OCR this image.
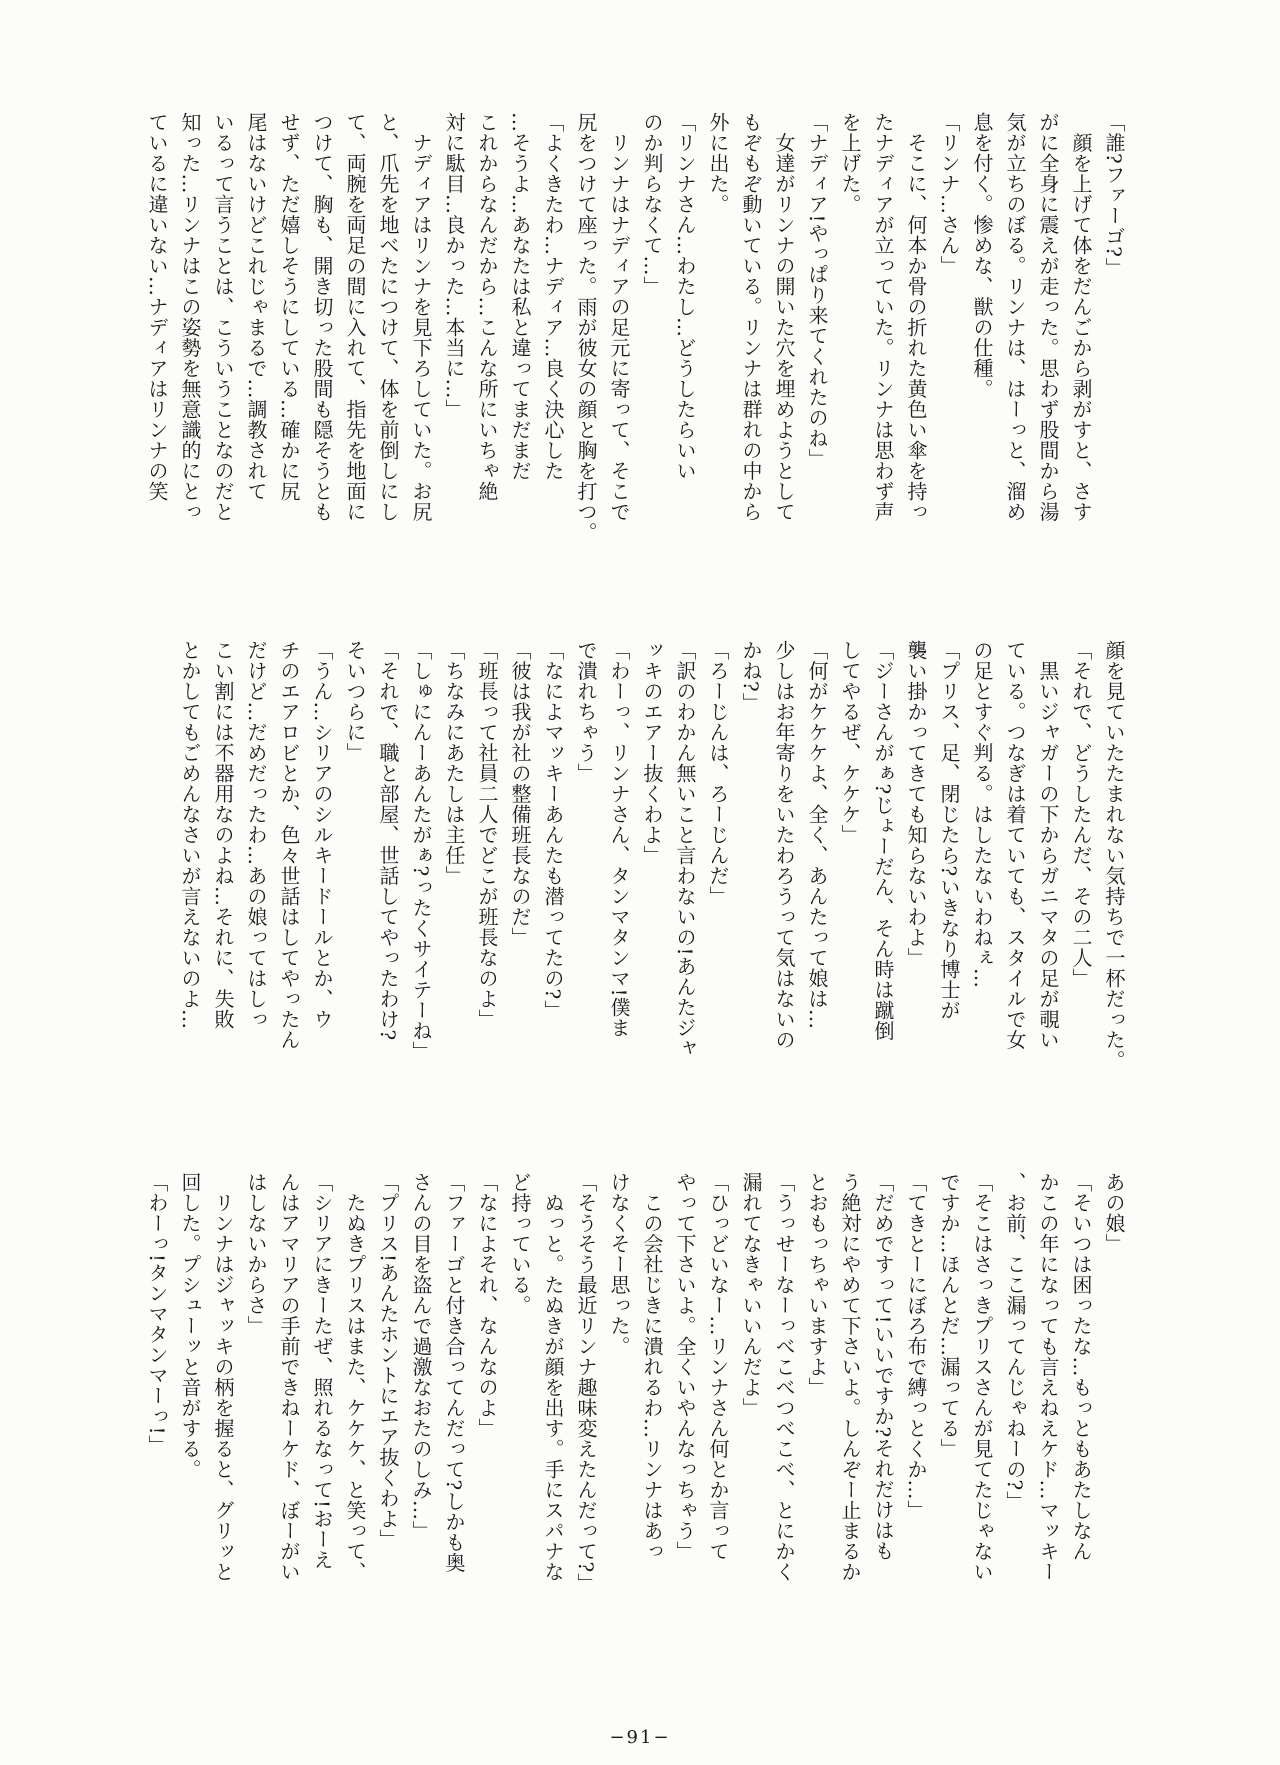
「誰?ファーゴ?」
　顔を上げて体をだんごから剥がすと、さす
がに全身に震えが走った。思わず股間から湯
気が立ちのぼる。リンナは、はーっと、溜め
息を付く。惨めな、獣の仕種。
「リンナ…さん」
　そこに、何本か骨の折れた黄色い傘を持っ
たナディアが立っていた。リンナは思わず声
を上げた。
「ナディア!やっぱり来てくれたのね」
　女達がリンナの開いた穴を埋めようとして
もぞもぞ動いている。リンナは群れの中から
外に出た。
「リンナさん…わたし…どうしたらいい
のか判らなくて…」
　リンナはナディアの足元に寄って、そこで
尻をつけて座った。雨が彼女の顔と胸を打つ。
「よくきたわ…ナディア…良く決心した
…そうよ…あなたは私と違ってまだまだ
これからなんだから…こんな所にいちゃ絶
対に駄目…良かった…本当に…」
　ナディアはリンナを見下ろしていた。お尻
と、爪先を地べたにつけて、体を前倒しにし
て、両腕を両足の間に入れて、指先を地面に
つけて、胸も、開き切った股間も隠そうとも
せず、ただ嬉しそうにしている…確かに尻
尾はないけどこれじゃまるで…調教されて
いるって言うことは、こういうことなのだと
知った…リンナはこの姿勢を無意識的にとっ
ているに違いない…ナディアはリンナの笑
顔を見ていたたまれない気持ちで一杯だった。
「それで、どうしたんだ、その二人」
　黒いジャガーの下からガニマタの足が覗い
ている。つなぎは着ていても、スタイルで女
の足とすぐ判る。はしたないわねぇ…
「プリス、足、閉じたら?いきなり博士が
襲い掛かってきても知らないわよ」
「ジーさんがぁ?じょーだん、そん時は蹴倒
してやるぜ、ケケケ」
「何がケケケよ、全く、あんたって娘は…
少しはお年寄りをいたわろうって気はないの
かね?」
「ろーじんは、ろーじんだ」
「訳のわかん無いこと言わないの!あんたジャ
ッキのエアー抜くわよ」
「わーっ、リンナさん、タンマタンマ!僕ま
で潰れちゃう」
「なによマッキーあんたも潜ってたの?」
「彼は我が社の整備班長なのだ」
「班長って社員二人でどこが班長なのよ」
「ちなみにあたしは主任」
「しゅにんーあんたがぁ?ったくサイテーね」
「それで、職と部屋、世話してやったわけ?
そいつらに」
「うん…シリアのシルキードールとか、ウ
チのエアロビとか、色々世話はしてやったん
だけど…だめだったわ…あの娘ってはしっ
こい割には不器用なのよね…それに、失敗
とかしてもごめんなさいが言えないのよ…
あの娘」
「そいつは困ったな…もっともあたしなん
かこの年になっても言えねえケド…マッキー
、お前、ここ漏ってんじゃねーの?」
「そこはさっきプリスさんが見てたじゃない
ですか…ほんとだ…漏ってる」
「てきとーにぼろ布で縛っとくか…」
「だめですって!いいですか?それだけはも
う絶対にやめて下さいよ。しんぞー止まるか
とおもっちゃいますよ」
「うっせーなーっべこべつべこべ、とにかく
漏れてなきゃいいんだよ」
「ひっどいなー…リンナさん何とか言って
やって下さいよ。全くいやんなっちゃう」
　この会社じきに潰れるわ…リンナはあっ
けなくそー思った。
「そうそう最近リンナ趣味変えたんだって?」
　ぬっと。たぬきが顔を出す。手にスパナな
ど持っている。
「なによそれ、なんなのよ」
「ファーゴと付き合ってんだって?しかも奥
さんの目を盗んで過激なおたのしみ…」
「プリス!あんたホントにエア抜くわよ」
　たぬきプリスはまた、ケケケ、と笑って、
「シリアにきーたぜ、照れるなって!おーえ
んはアマリアの手前できねーケド、ぼーがい
はしないからさ」
　リンナはジャッキの柄を握ると、グリッと
回した。プシューッと音がする。
「わーっ!タンマタンマーっ!」
−91−
